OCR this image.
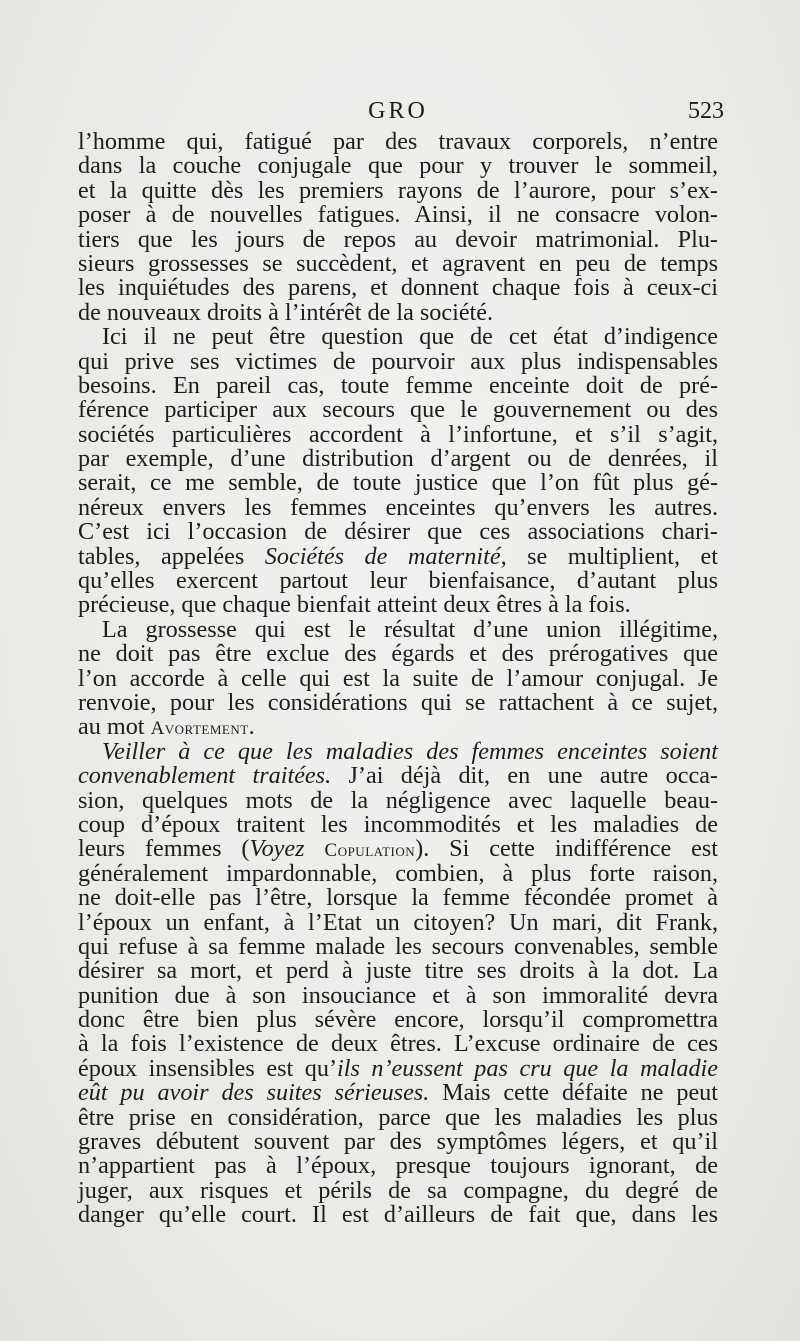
GRO	523
l’homme qui, fatigué par des travaux corporels, n’entre
dans la couche conjugale que pour y trouver le sommeil,
et la quitte dès les premiers rayons de l’aurore, pour s’ex-
poser à de nouvelles fatigues. Ainsi, il ne consacre volon-
tiers que les jours de repos au devoir matrimonial. Plu-
sieurs grossesses se succèdent, et agravent en peu de temps
les inquiétudes des parens, et donnent chaque fois à ceux-ci
de nouveaux droits à l’intérêt de la société.
Ici il ne peut être question que de cet état d’indigence
qui prive ses victimes de pourvoir aux plus indispensables
besoins. En pareil cas, toute femme enceinte doit de pré-
férence participer aux secours que le gouvernement ou des
sociétés particulières accordent à l’infortune, et s’il s’agit,
par exemple, d’une distribution d’argent ou de denrées, il
serait, ce me semble, de toute justice que l’on fût plus gé-
néreux envers les femmes enceintes qu’envers les autres.
C’est ici l’occasion de désirer que ces associations chari-
tables, appelées Sociétés de maternité, se multiplient, et
qu’elles exercent partout leur bienfaisance, d’autant plus
précieuse, que chaque bienfait atteint deux êtres à la fois.
La grossesse qui est le résultat d’une union illégitime,
ne doit pas être exclue des égards et des prérogatives que
l’on accorde à celle qui est la suite de l’amour conjugal. Je
renvoie, pour les considérations qui se rattachent à ce sujet,
au mot Avortement.
Veiller à ce que les maladies des femmes enceintes soient
convenablement traitées. J’ai déjà dit, en une autre occa-
sion, quelques mots de la négligence avec laquelle beau-
coup d’époux traitent les incommodités et les maladies de
leurs femmes (Voyez Copulation). Si cette indifférence est
généralement impardonnable, combien, à plus forte raison,
ne doit-elle pas l’être, lorsque la femme fécondée promet à
l’époux un enfant, à l’Etat un citoyen? Un mari, dit Frank,
qui refuse à sa femme malade les secours convenables, semble
désirer sa mort, et perd à juste titre ses droits à la dot. La
punition due à son insouciance et à son immoralité devra
donc être bien plus sévère encore, lorsqu’il compromettra
à la fois l’existence de deux êtres. L’excuse ordinaire de ces
époux insensibles est qu’ils n’eussent pas cru que la maladie
eût pu avoir des suites sérieuses. Mais cette défaite ne peut
être prise en considération, parce que les maladies les plus
graves débutent souvent par des symptômes légers, et qu’il
n’appartient pas à l’époux, presque toujours ignorant, de
juger, aux risques et périls de sa compagne, du degré de
danger qu’elle court. Il est d’ailleurs de fait que, dans les
